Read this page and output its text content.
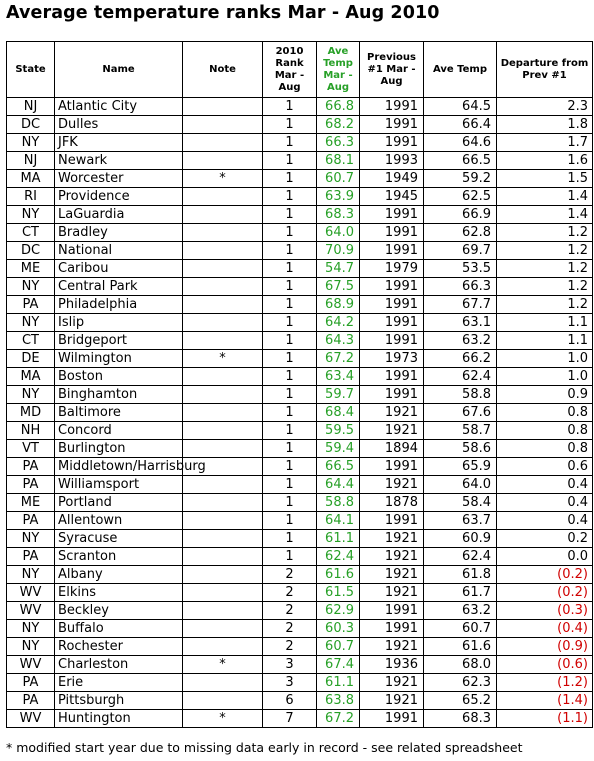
Average temperature ranks Mar - Aug 2010
State	Name	Note	2010 Rank Mar - Aug	Ave Temp Mar - Aug	Previous #1 Mar - Aug	Ave Temp	Departure from Prev #1
NJ	Atlantic City		1	66.8	1991	64.5	2.3
DC	Dulles		1	68.2	1991	66.4	1.8
NY	JFK		1	66.3	1991	64.6	1.7
NJ	Newark		1	68.1	1993	66.5	1.6
MA	Worcester	*	1	60.7	1949	59.2	1.5
RI	Providence		1	63.9	1945	62.5	1.4
NY	LaGuardia		1	68.3	1991	66.9	1.4
CT	Bradley		1	64.0	1991	62.8	1.2
DC	National		1	70.9	1991	69.7	1.2
ME	Caribou		1	54.7	1979	53.5	1.2
NY	Central Park		1	67.5	1991	66.3	1.2
PA	Philadelphia		1	68.9	1991	67.7	1.2
NY	Islip		1	64.2	1991	63.1	1.1
CT	Bridgeport		1	64.3	1991	63.2	1.1
DE	Wilmington	*	1	67.2	1973	66.2	1.0
MA	Boston		1	63.4	1991	62.4	1.0
NY	Binghamton		1	59.7	1991	58.8	0.9
MD	Baltimore		1	68.4	1921	67.6	0.8
NH	Concord		1	59.5	1921	58.7	0.8
VT	Burlington		1	59.4	1894	58.6	0.8
PA	Middletown/Harrisburg		1	66.5	1991	65.9	0.6
PA	Williamsport		1	64.4	1921	64.0	0.4
ME	Portland		1	58.8	1878	58.4	0.4
PA	Allentown		1	64.1	1991	63.7	0.4
NY	Syracuse		1	61.1	1921	60.9	0.2
PA	Scranton		1	62.4	1921	62.4	0.0
NY	Albany		2	61.6	1921	61.8	(0.2)
WV	Elkins		2	61.5	1921	61.7	(0.2)
WV	Beckley		2	62.9	1991	63.2	(0.3)
NY	Buffalo		2	60.3	1991	60.7	(0.4)
NY	Rochester		2	60.7	1921	61.6	(0.9)
WV	Charleston	*	3	67.4	1936	68.0	(0.6)
PA	Erie		3	61.1	1921	62.3	(1.2)
PA	Pittsburgh		6	63.8	1921	65.2	(1.4)
WV	Huntington	*	7	67.2	1991	68.3	(1.1)
* modified start year due to missing data early in record - see related spreadsheet
